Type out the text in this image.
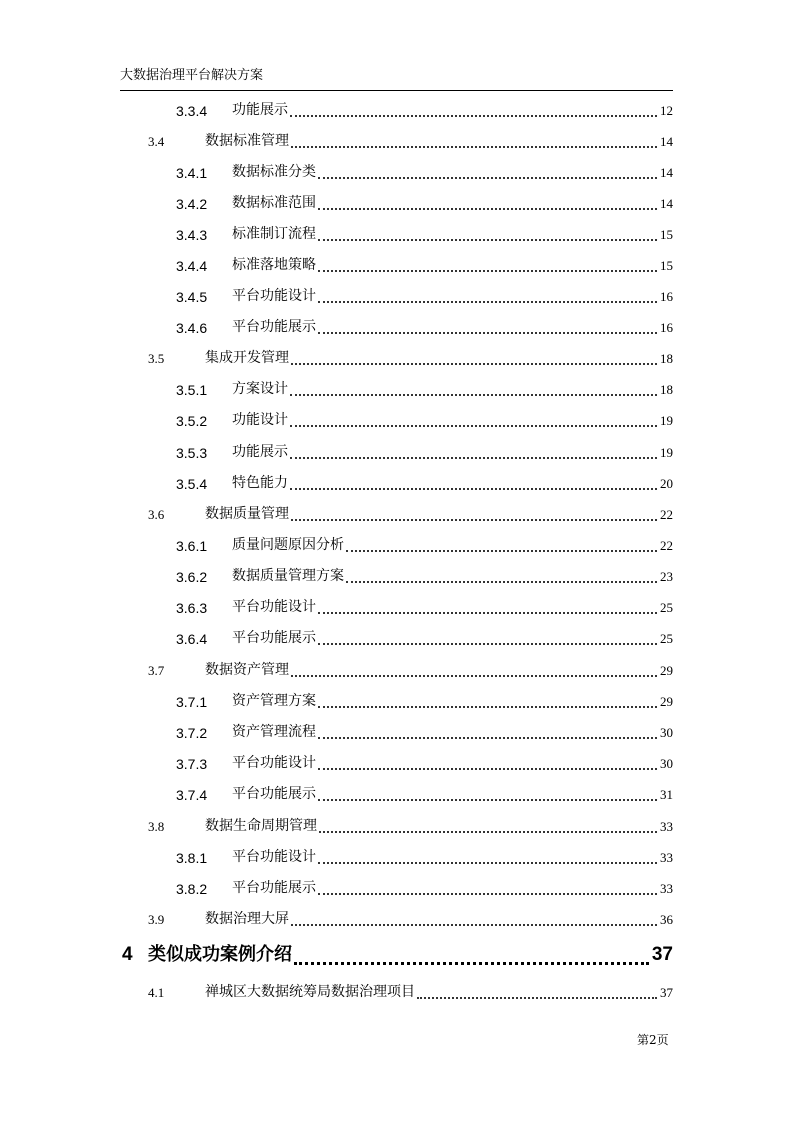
大数据治理平台解决方案
3.3.4 功能展示	12
3.4	数据标准管理	14
3.4.1 数据标准分类	14
3.4.2 数据标准范围	14
3.4.3 标准制订流程	15
3.4.4 标准落地策略	15
3.4.5 平台功能设计	16
3.4.6 平台功能展示	16
3.5	集成开发管理	18
3.5.1 方案设计	18
3.5.2 功能设计	19
3.5.3 功能展示	19
3.5.4 特色能力	20
3.6	数据质量管理	22
3.6.1 质量问题原因分析	22
3.6.2 数据质量管理方案	23
3.6.3 平台功能设计	25
3.6.4 平台功能展示	25
3.7	数据资产管理	29
3.7.1 资产管理方案	29
3.7.2 资产管理流程	30
3.7.3 平台功能设计	30
3.7.4 平台功能展示	31
3.8	数据生命周期管理	33
3.8.1 平台功能设计	33
3.8.2 平台功能展示	33
3.9	数据治理大屏	36
4 类似成功案例介绍	37
4.1	禅城区大数据统筹局数据治理项目	37
第2页
